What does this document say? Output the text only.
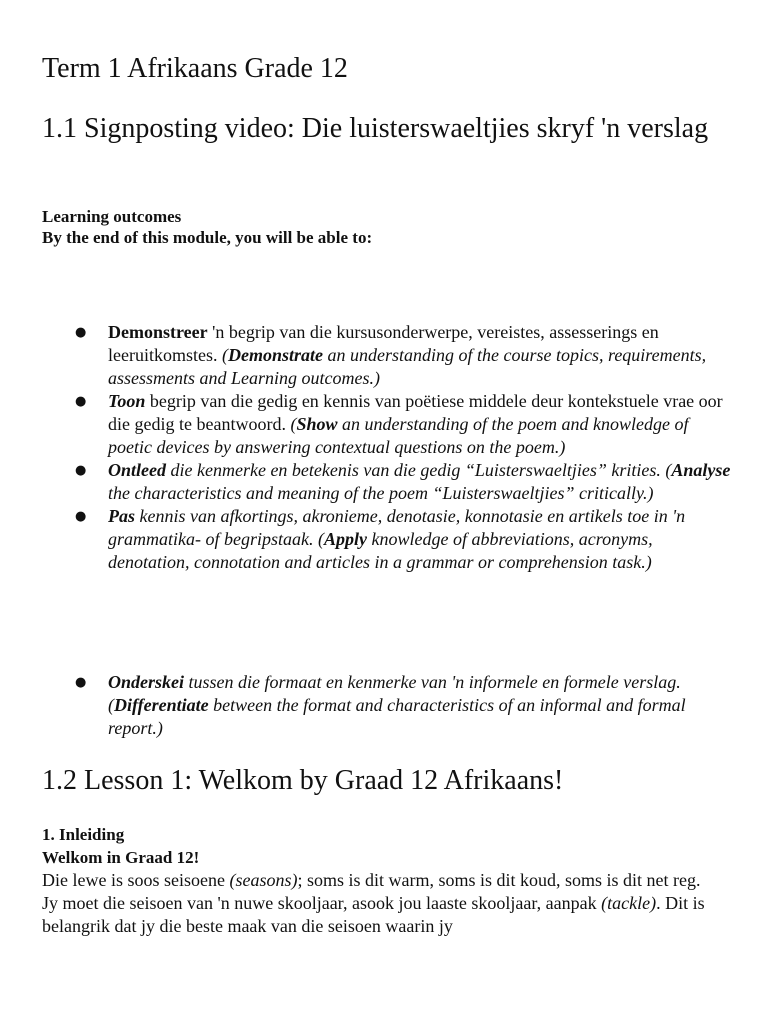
Term 1 Afrikaans Grade 12
1.1 Signposting video: Die luisterswaeltjies skryf 'n verslag
Learning outcomes
By the end of this module, you will be able to:
● Demonstreer 'n begrip van die kursusonderwerpe, vereistes, assesserings en leeruitkomstes. (Demonstrate an understanding of the course topics, requirements, assessments and Learning outcomes.)
● Toon begrip van die gedig en kennis van poëtiese middele deur kontekstuele vrae oor die gedig te beantwoord. (Show an understanding of the poem and knowledge of poetic devices by answering contextual questions on the poem.)
● Ontleed die kenmerke en betekenis van die gedig “Luisterswaeltjies” krities. (Analyse the characteristics and meaning of the poem “Luisterswaeltjies” critically.)
● Pas kennis van afkortings, akronieme, denotasie, konnotasie en artikels toe in 'n grammatika- of begripstaak. (Apply knowledge of abbreviations, acronyms, denotation, connotation and articles in a grammar or comprehension task.)
● Onderskei tussen die formaat en kenmerke van 'n informele en formele verslag. (Differentiate between the format and characteristics of an informal and formal report.)
1.2 Lesson 1: Welkom by Graad 12 Afrikaans!
1. Inleiding
Welkom in Graad 12!

Die lewe is soos seisoene (seasons); soms is dit warm, soms is dit koud, soms is dit net reg. Jy moet die seisoen van 'n nuwe skooljaar, asook jou laaste skooljaar, aanpak (tackle). Dit is belangrik dat jy die beste maak van die seisoen waarin jy
